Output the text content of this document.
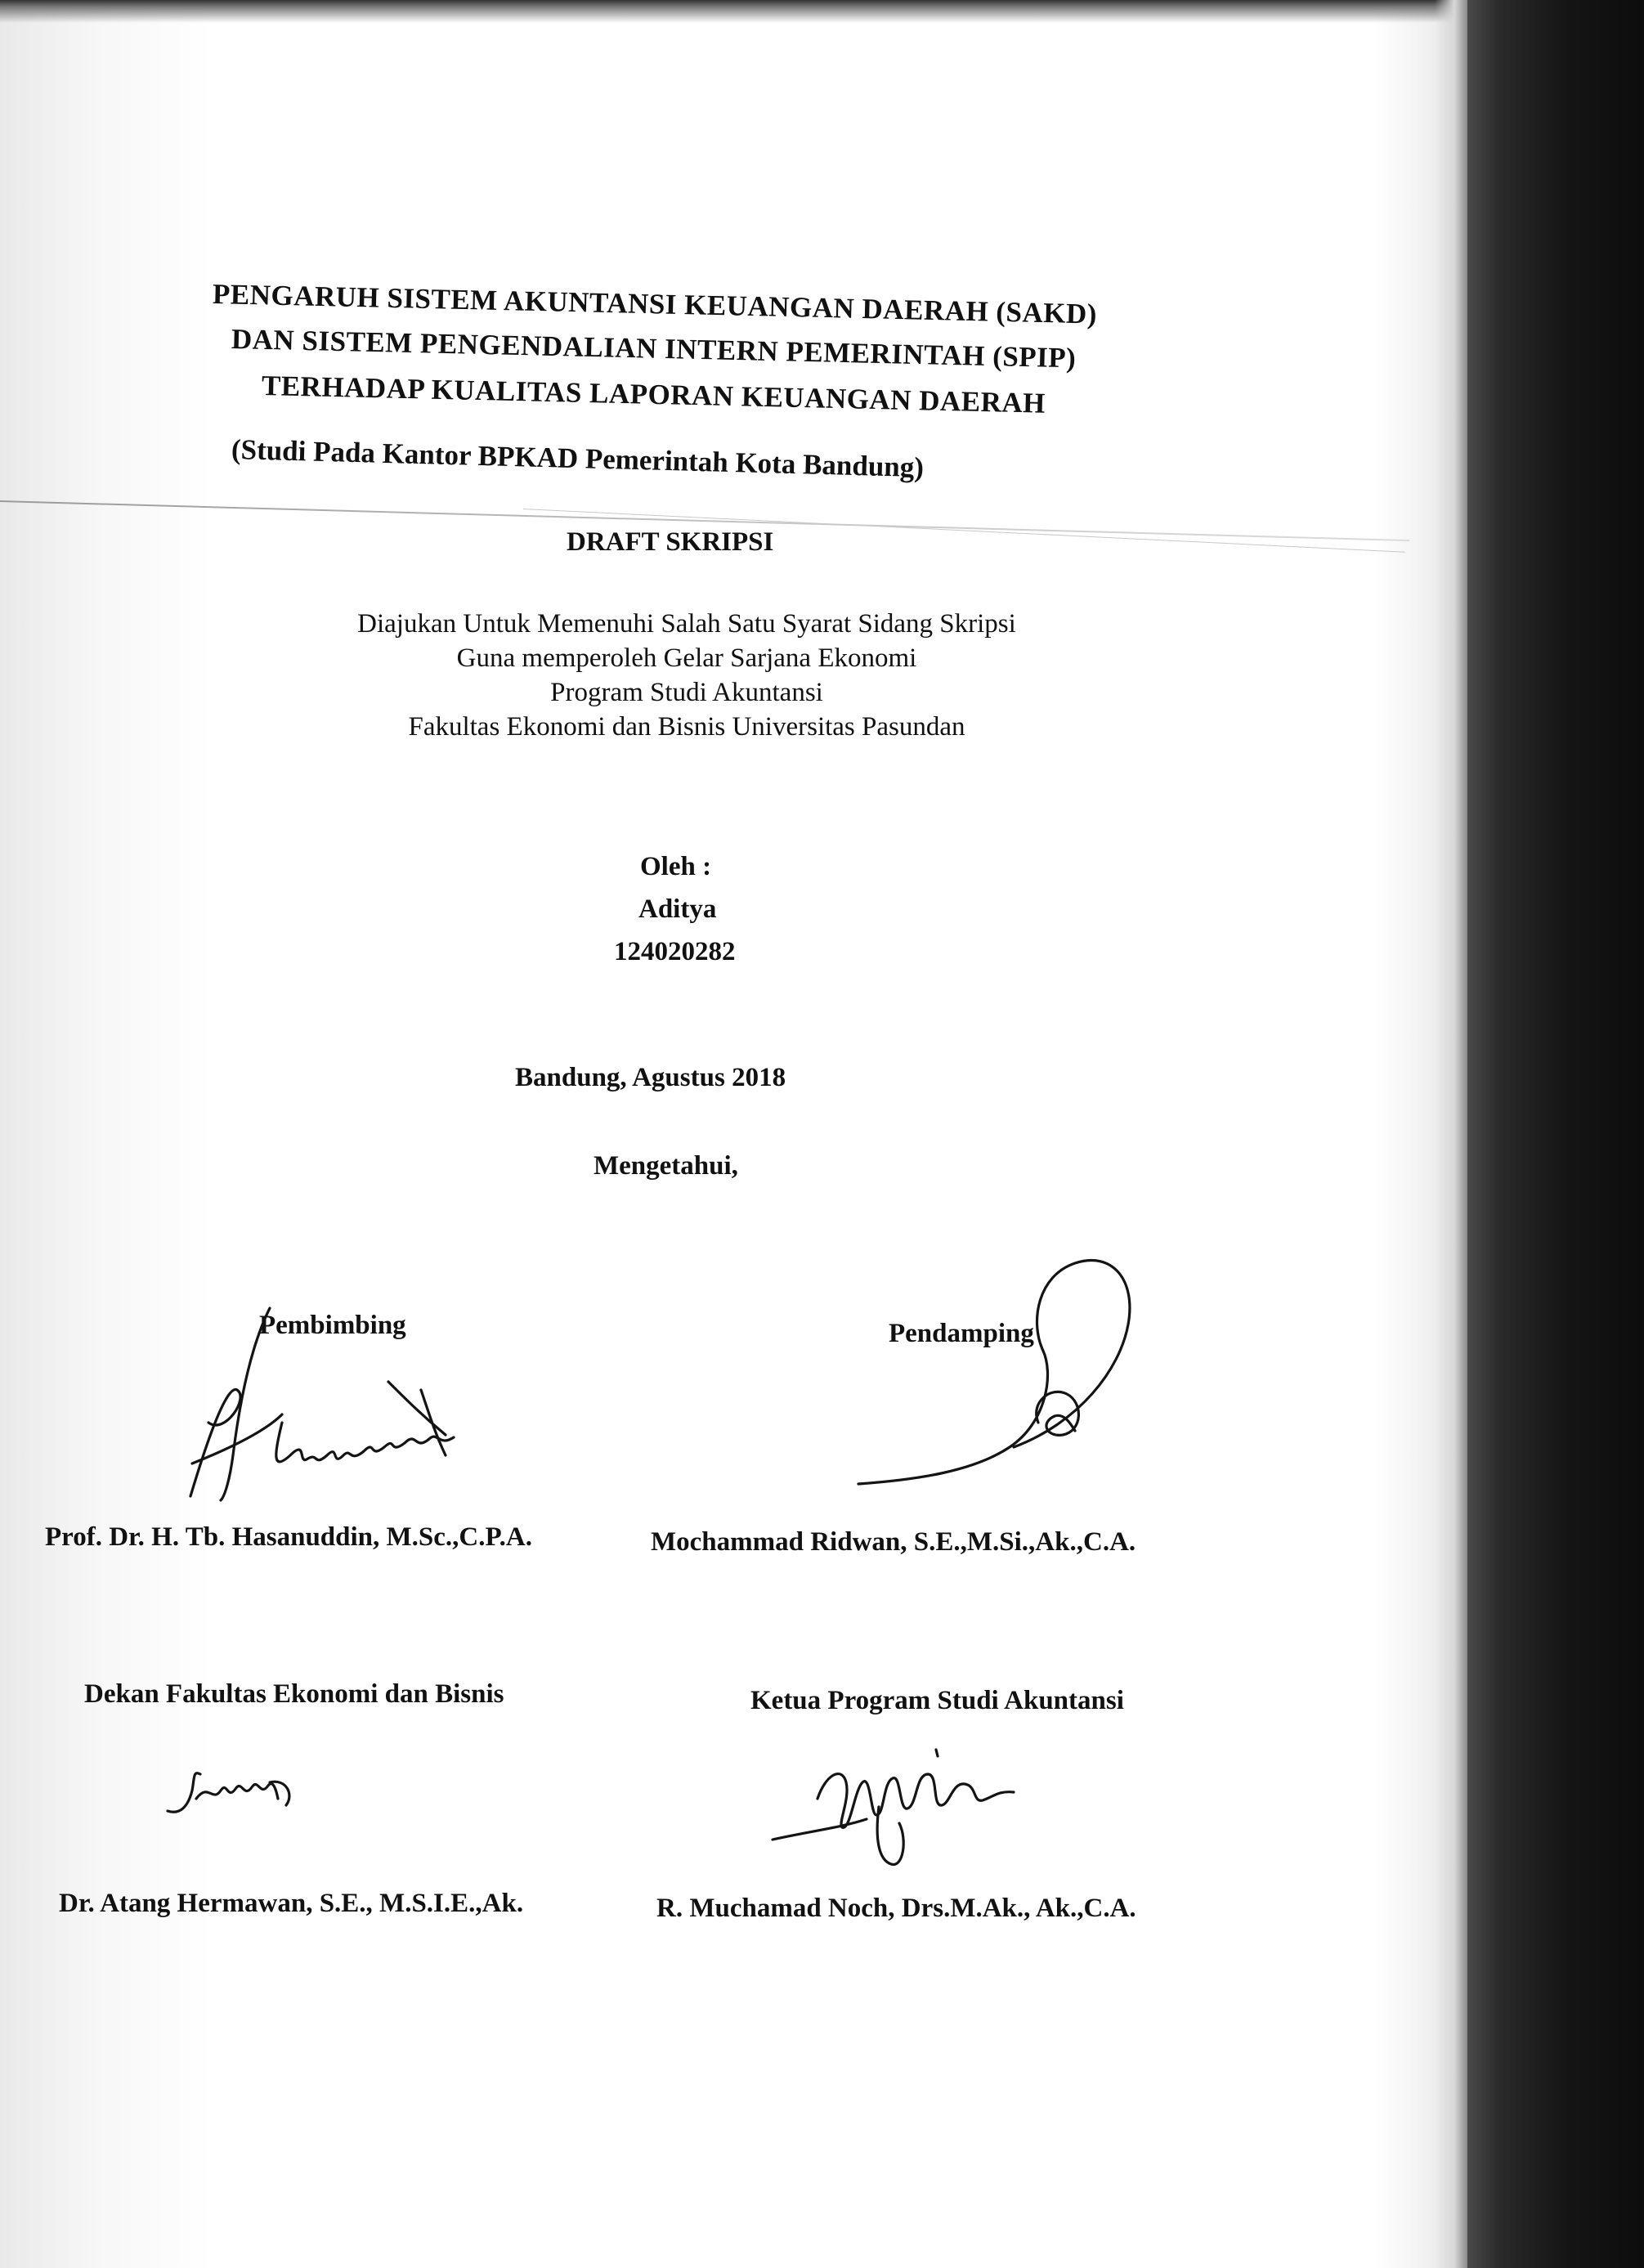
PENGARUH SISTEM AKUNTANSI KEUANGAN DAERAH (SAKD)
DAN SISTEM PENGENDALIAN INTERN PEMERINTAH (SPIP)
TERHADAP KUALITAS LAPORAN KEUANGAN DAERAH
(Studi Pada Kantor BPKAD Pemerintah Kota Bandung)
DRAFT SKRIPSI
Diajukan Untuk Memenuhi Salah Satu Syarat Sidang Skripsi
Guna memperoleh Gelar Sarjana Ekonomi
Program Studi Akuntansi
Fakultas Ekonomi dan Bisnis Universitas Pasundan
Oleh :
Aditya
124020282
Bandung, Agustus 2018
Mengetahui,
Pembimbing	Pendamping
Prof. Dr. H. Tb. Hasanuddin, M.Sc.,C.P.A.	Mochammad Ridwan, S.E.,M.Si.,Ak.,C.A.
Dekan Fakultas Ekonomi dan Bisnis	Ketua Program Studi Akuntansi
Dr. Atang Hermawan, S.E., M.S.I.E.,Ak.	R. Muchamad Noch, Drs.M.Ak., Ak.,C.A.
